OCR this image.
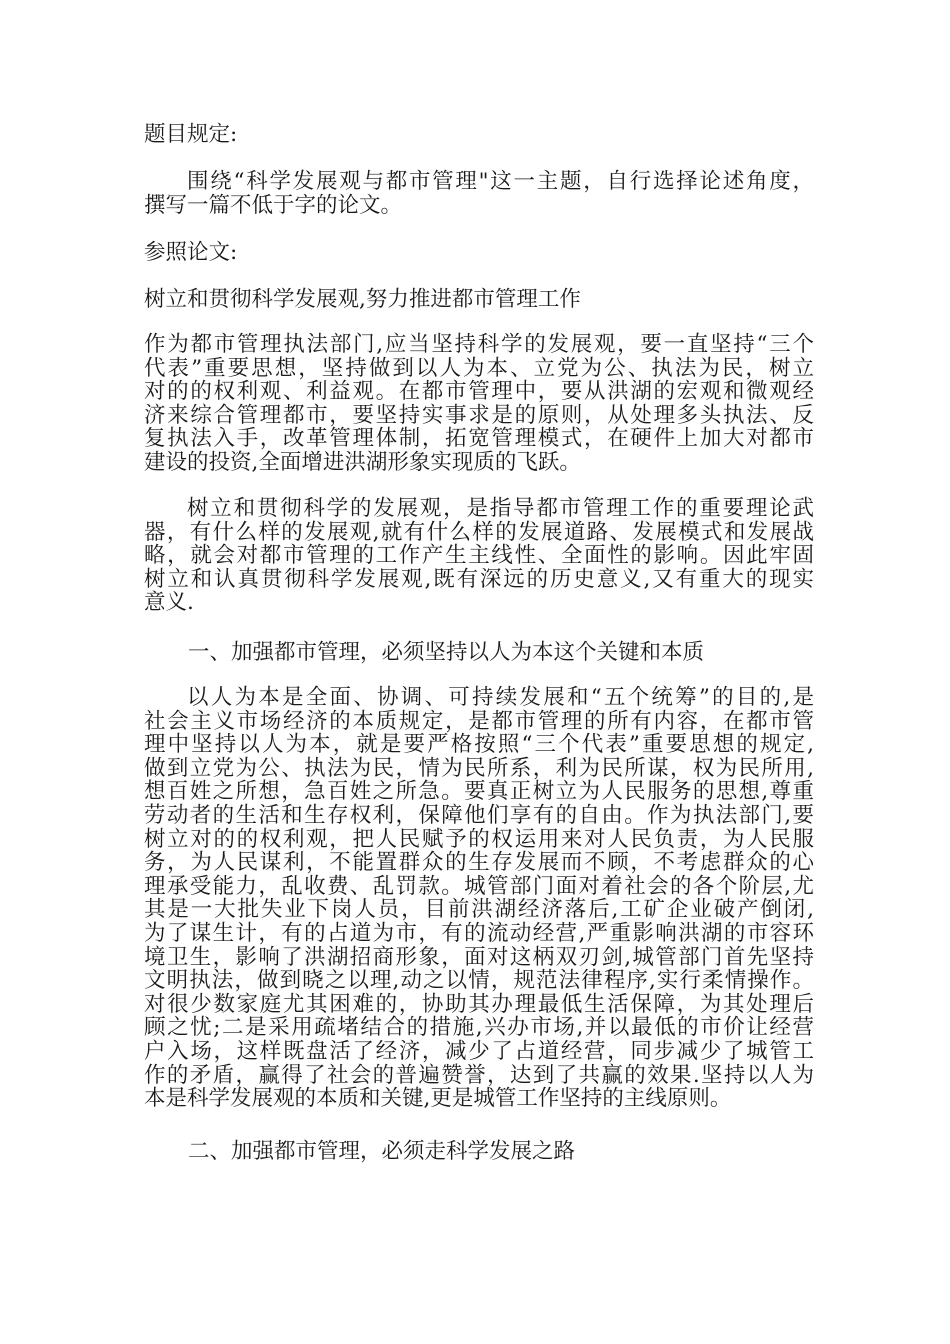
题目规定:

围绕“科学发展观与都市管理"这一主题，自行选择论述角度，
撰写一篇不低于字的论文。

参照论文:

树立和贯彻科学发展观,努力推进都市管理工作

作为都市管理执法部门,应当坚持科学的发展观，要一直坚持“三个
代表”重要思想，坚持做到以人为本、立党为公、执法为民，树立
对的的权利观、利益观。在都市管理中，要从洪湖的宏观和微观经
济来综合管理都市，要坚持实事求是的原则，从处理多头执法、反
复执法入手，改革管理体制，拓宽管理模式，在硬件上加大对都市
建设的投资,全面增进洪湖形象实现质的飞跃。
树立和贯彻科学的发展观，是指导都市管理工作的重要理论武
器，有什么样的发展观,就有什么样的发展道路、发展模式和发展战
略，就会对都市管理的工作产生主线性、全面性的影响。因此牢固
树立和认真贯彻科学发展观,既有深远的历史意义,又有重大的现实
意义.

一、加强都市管理，必须坚持以人为本这个关键和本质

以人为本是全面、协调、可持续发展和“五个统筹”的目的,是
社会主义市场经济的本质规定，是都市管理的所有内容，在都市管
理中坚持以人为本，就是要严格按照“三个代表”重要思想的规定,
做到立党为公、执法为民，情为民所系，利为民所谋，权为民所用,
想百姓之所想，急百姓之所急。要真正树立为人民服务的思想,尊重
劳动者的生活和生存权利，保障他们享有的自由。作为执法部门,要
树立对的的权利观，把人民赋予的权运用来对人民负责，为人民服
务，为人民谋利，不能置群众的生存发展而不顾，不考虑群众的心
理承受能力，乱收费、乱罚款。城管部门面对着社会的各个阶层,尤
其是一大批失业下岗人员，目前洪湖经济落后,工矿企业破产倒闭,
为了谋生计，有的占道为市，有的流动经营,严重影响洪湖的市容环
境卫生，影响了洪湖招商形象，面对这柄双刃剑,城管部门首先坚持
文明执法，做到晓之以理,动之以情，规范法律程序,实行柔情操作。
对很少数家庭尤其困难的，协助其办理最低生活保障，为其处理后
顾之忧;二是采用疏堵结合的措施,兴办市场,并以最低的市价让经营
户入场，这样既盘活了经济，减少了占道经营，同步减少了城管工
作的矛盾，赢得了社会的普遍赞誉，达到了共赢的效果.坚持以人为
本是科学发展观的本质和关键,更是城管工作坚持的主线原则。

二、加强都市管理，必须走科学发展之路
